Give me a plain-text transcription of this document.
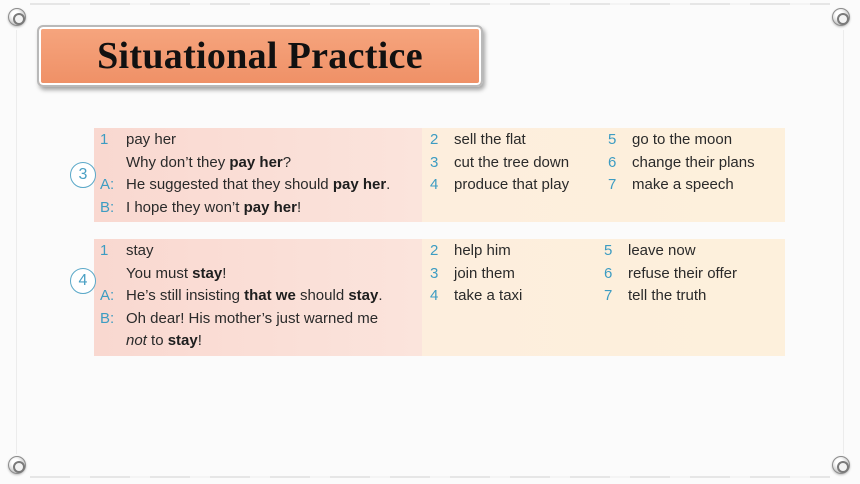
Situational Practice
3
1	pay her
Why don’t they pay her?
A: He suggested that they should pay her.
B: I hope they won’t pay her!
2 sell the flat
3 cut the tree down
4 produce that play
5 go to the moon
6 change their plans
7 make a speech
4
1	stay
You must stay!
A: He’s still insisting that we should stay.
B: Oh dear! His mother’s just warned me
not to stay!
2 help him
3 join them
4 take a taxi
5 leave now
6 refuse their offer
7 tell the truth
